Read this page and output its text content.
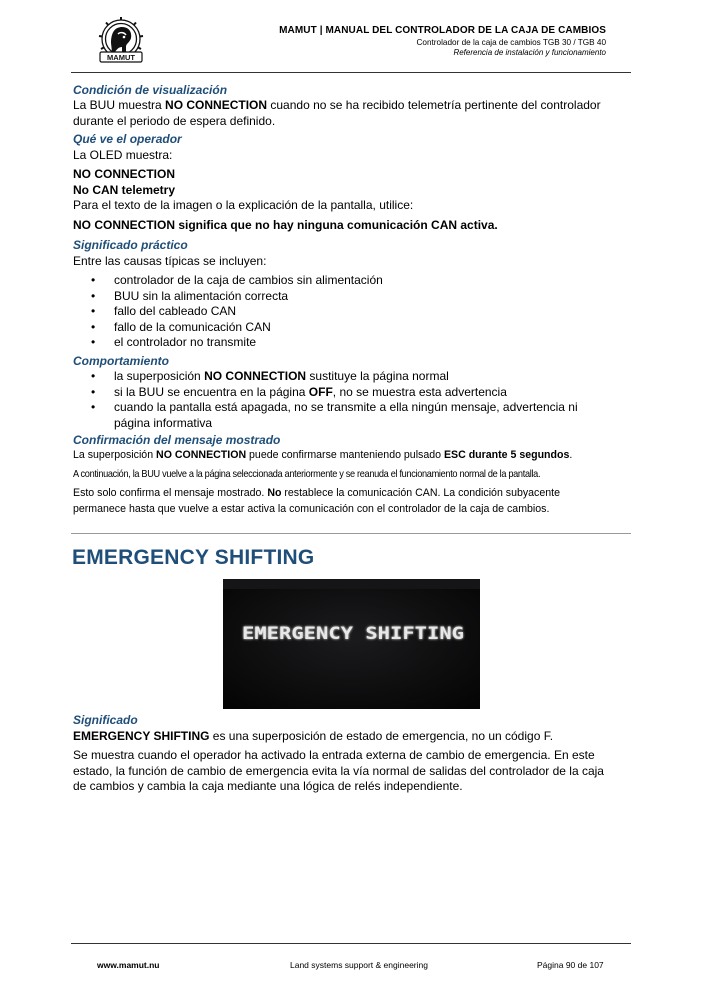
MAMUT
MAMUT | MANUAL DEL CONTROLADOR DE LA CAJA DE CAMBIOS
Controlador de la caja de cambios TGB 30 / TGB 40
Referencia de instalación y funcionamiento
Condición de visualización
La BUU muestra NO CONNECTION cuando no se ha recibido telemetría pertinente del controlador
durante el periodo de espera definido.
Qué ve el operador
La OLED muestra:
NO CONNECTION
No CAN telemetry
Para el texto de la imagen o la explicación de la pantalla, utilice:
NO CONNECTION significa que no hay ninguna comunicación CAN activa.
Significado práctico
Entre las causas típicas se incluyen:
• controlador de la caja de cambios sin alimentación
• BUU sin la alimentación correcta
• fallo del cableado CAN
• fallo de la comunicación CAN
• el controlador no transmite
Comportamiento
• la superposición NO CONNECTION sustituye la página normal
• si la BUU se encuentra en la página OFF, no se muestra esta advertencia
• cuando la pantalla está apagada, no se transmite a ella ningún mensaje, advertencia ni
página informativa
Confirmación del mensaje mostrado
La superposición NO CONNECTION puede confirmarse manteniendo pulsado ESC durante 5 segundos.
A continuación, la BUU vuelve a la página seleccionada anteriormente y se reanuda el funcionamiento normal de la pantalla.
Esto solo confirma el mensaje mostrado. No restablece la comunicación CAN. La condición subyacente
permanece hasta que vuelve a estar activa la comunicación con el controlador de la caja de cambios.
EMERGENCY SHIFTING
EMERGENCY SHIFTING
Significado
EMERGENCY SHIFTING es una superposición de estado de emergencia, no un código F.
Se muestra cuando el operador ha activado la entrada externa de cambio de emergencia. En este
estado, la función de cambio de emergencia evita la vía normal de salidas del controlador de la caja
de cambios y cambia la caja mediante una lógica de relés independiente.
www.mamut.nu	Land systems support & engineering	Página 90 de 107
